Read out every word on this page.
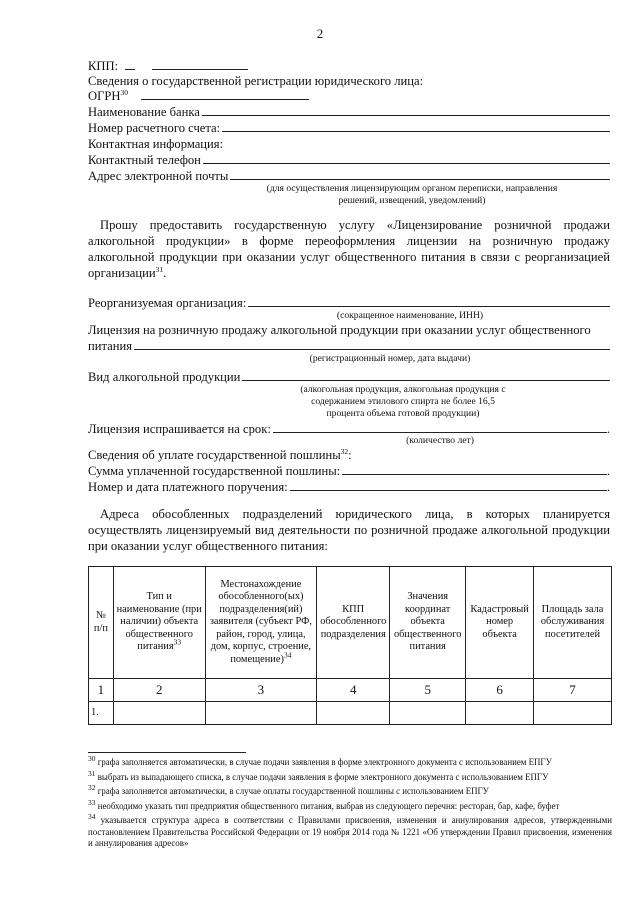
2
КПП:
Сведения о государственной регистрации юридического лица:
ОГРН$^{30}$
Наименование банка
Номер расчетного счета:
Контактная информация:
Контактный телефон
Адрес электронной почты
(для осуществления лицензирующим органом переписки, направления решений, извещений, уведомлений)
Прошу предоставить государственную услугу «Лицензирование розничной продажи алкогольной продукции» в форме переоформления лицензии на розничную продажу алкогольной продукции при оказании услуг общественного питания в связи с реорганизацией организации$^{31}$.
Реорганизуемая организация:
(сокращенное наименование, ИНН)
Лицензия на розничную продажу алкогольной продукции при оказании услуг общественного
питания
(регистрационный номер, дата выдачи)
Вид алкогольной продукции
(алкогольная продукция, алкогольная продукция с содержанием этилового спирта не более 16,5 процента объема готовой продукции)
Лицензия испрашивается на срок:	.
(количество лет)
Сведения об уплате государственной пошлины$^{32}$:
Сумма уплаченной государственной пошлины:	.
Номер и дата платежного поручения:	.
Адреса обособленных подразделений юридического лица, в которых планируется осуществлять лицензируемый вид деятельности по розничной продаже алкогольной продукции при оказании услуг общественного питания:
№ п/п	Тип и наименование (при наличии) объекта общественного питания$^{33}$	Местонахождение обособленного(ых) подразделения(ий) заявителя (субъект РФ, район, город, улица, дом, корпус, строение, помещение)$^{34}$	КПП обособленного подразделения	Значения координат объекта общественного питания	Кадастровый номер объекта	Площадь зала обслуживания посетителей
1	2	3	4	5	6	7
1.						

$^{30}$ графа заполняется автоматически, в случае подачи заявления в форме электронного документа с использованием ЕПГУ

$^{31}$ выбрать из выпадающего списка, в случае подачи заявления в форме электронного документа с использованием ЕПГУ

$^{32}$ графа заполняется автоматически, в случае оплаты государственной пошлины с использованием ЕПГУ

$^{33}$ необходимо указать тип предприятия общественного питания, выбрав из следующего перечня: ресторан, бар, кафе, буфет

$^{34}$ указывается структура адреса в соответствии с Правилами присвоения, изменения и аннулирования адресов, утвержденными постановлением Правительства Российской Федерации от 19 ноября 2014 года № 1221 «Об утверждении Правил присвоения, изменения и аннулирования адресов»
